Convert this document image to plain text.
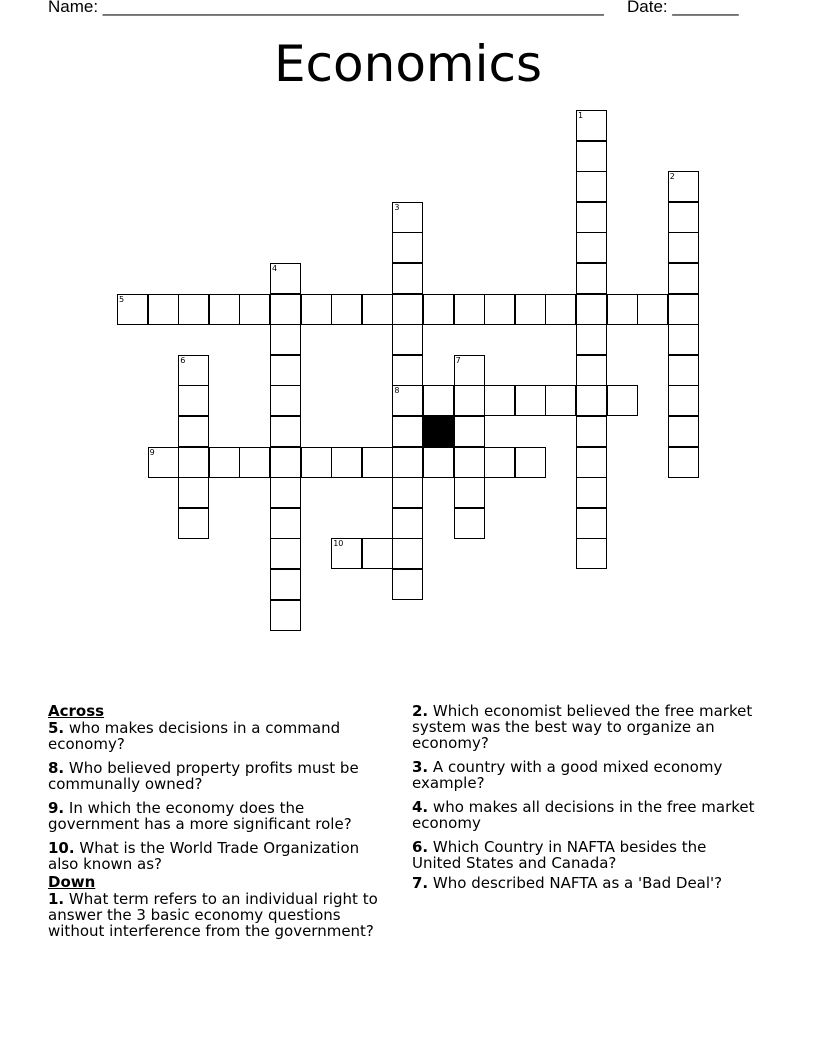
Name: _____________________________________________________ Date: _______
Economics
1
2
3
8
4
5
6	7
9
10
Across
5. who makes decisions in a command economy?
8. Who believed property profits must be communally owned?
9. In which the economy does the government has a more significant role?
10. What is the World Trade Organization also known as?
Down
1. What term refers to an individual right to answer the 3 basic economy questions without interference from the government?
2. Which economist believed the free market system was the best way to organize an economy?
3. A country with a good mixed economy example?
4. who makes all decisions in the free market economy
6. Which Country in NAFTA besides the United States and Canada?
7. Who described NAFTA as a 'Bad Deal'?
